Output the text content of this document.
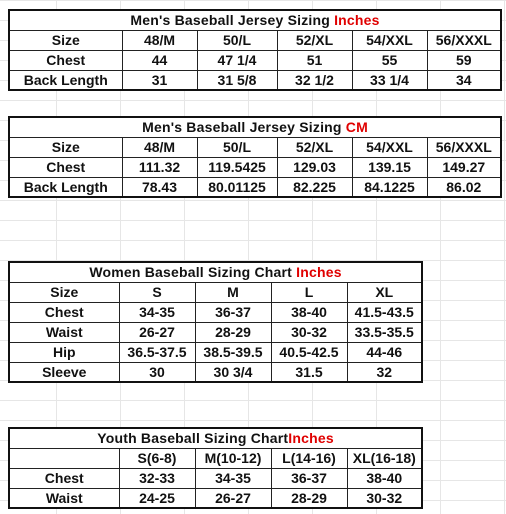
Men's Baseball Jersey Sizing Inches					
Size	48/M	50/L	52/XL	54/XXL	56/XXXL
Chest	44	47 1/4	51	55	59
Back Length	31	31 5/8	32 1/2	33 1/4	34
Men's Baseball Jersey Sizing CM					
Size	48/M	50/L	52/XL	54/XXL	56/XXXL
Chest	111.32	119.5425	129.03	139.15	149.27
Back Length	78.43	80.01125	82.225	84.1225	86.02
Women Baseball Sizing Chart Inches				
Size	S	M	L	XL
Chest	34-35	36-37	38-40	41.5-43.5
Waist	26-27	28-29	30-32	33.5-35.5
Hip	36.5-37.5	38.5-39.5	40.5-42.5	44-46
Sleeve	30	30 3/4	31.5	32
Youth Baseball Sizing ChartInches				
	S(6-8)	M(10-12)	L(14-16)	XL(16-18)
Chest	32-33	34-35	36-37	38-40
Waist	24-25	26-27	28-29	30-32
